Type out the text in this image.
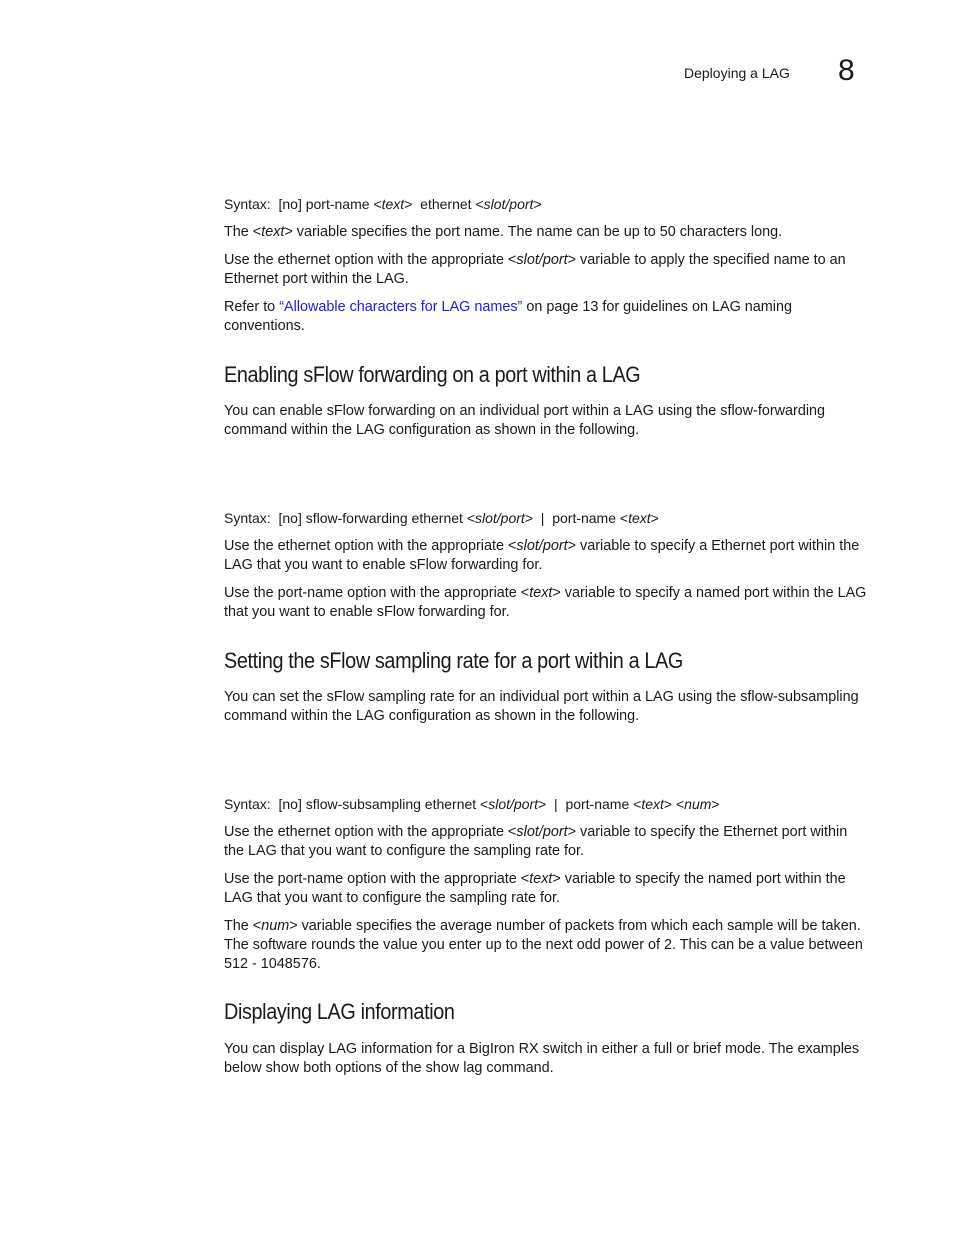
Deploying a LAG 8

Syntax: [no] port-name <text> ethernet <slot/port>

The <text> variable specifies the port name. The name can be up to 50 characters long.

Use the ethernet option with the appropriate <slot/port> variable to apply the specified name to an Ethernet port within the LAG.

Refer to “Allowable characters for LAG names” on page 13 for guidelines on LAG naming conventions.

Enabling sFlow forwarding on a port within a LAG

You can enable sFlow forwarding on an individual port within a LAG using the sflow-forwarding command within the LAG configuration as shown in the following.

Syntax: [no] sflow-forwarding ethernet <slot/port> | port-name <text>

Use the ethernet option with the appropriate <slot/port> variable to specify a Ethernet port within the LAG that you want to enable sFlow forwarding for.

Use the port-name option with the appropriate <text> variable to specify a named port within the LAG that you want to enable sFlow forwarding for.

Setting the sFlow sampling rate for a port within a LAG

You can set the sFlow sampling rate for an individual port within a LAG using the sflow-subsampling command within the LAG configuration as shown in the following.

Syntax: [no] sflow-subsampling ethernet <slot/port> | port-name <text> <num>

Use the ethernet option with the appropriate <slot/port> variable to specify the Ethernet port within the LAG that you want to configure the sampling rate for.

Use the port-name option with the appropriate <text> variable to specify the named port within the LAG that you want to configure the sampling rate for.

The <num> variable specifies the average number of packets from which each sample will be taken. The software rounds the value you enter up to the next odd power of 2. This can be a value between 512 - 1048576.

Displaying LAG information

You can display LAG information for a BigIron RX switch in either a full or brief mode. The examples below show both options of the show lag command.
